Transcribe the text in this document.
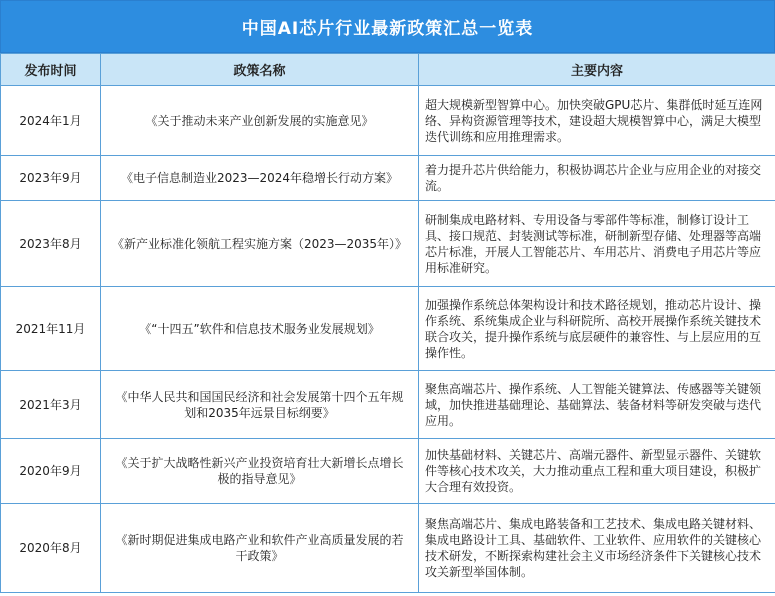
中国AI芯片行业最新政策汇总一览表
发布时间	政策名称	主要内容
2024年1月	《关于推动未来产业创新发展的实施意见》	超大规模新型智算中心。加快突破GPU芯片、集群低时延互连网络、异构资源管理等技术，建设超大规模智算中心，满足大模型迭代训练和应用推理需求。
2023年9月	《电子信息制造业2023—2024年稳增长行动方案》	着力提升芯片供给能力，积极协调芯片企业与应用企业的对接交流。
2023年8月	《新产业标准化领航工程实施方案（2023—2035年）》	研制集成电路材料、专用设备与零部件等标准，制修订设计工具、接口规范、封装测试等标准，研制新型存储、处理器等高端芯片标准，开展人工智能芯片、车用芯片、消费电子用芯片等应用标准研究。
2021年11月	《“十四五”软件和信息技术服务业发展规划》	加强操作系统总体架构设计和技术路径规划，推动芯片设计、操作系统、系统集成企业与科研院所、高校开展操作系统关键技术联合攻关，提升操作系统与底层硬件的兼容性、与上层应用的互操作性。
2021年3月	《中华人民共和国国民经济和社会发展第十四个五年规划和2035年远景目标纲要》	聚焦高端芯片、操作系统、人工智能关键算法、传感器等关键领域，加快推进基础理论、基础算法、装备材料等研发突破与迭代应用。
2020年9月	《关于扩大战略性新兴产业投资培育壮大新增长点增长极的指导意见》	加快基础材料、关键芯片、高端元器件、新型显示器件、关键软件等核心技术攻关，大力推动重点工程和重大项目建设，积极扩大合理有效投资。
2020年8月	《新时期促进集成电路产业和软件产业高质量发展的若干政策》	聚焦高端芯片、集成电路装备和工艺技术、集成电路关键材料、集成电路设计工具、基础软件、工业软件、应用软件的关键核心技术研发，不断探索构建社会主义市场经济条件下关键核心技术攻关新型举国体制。
